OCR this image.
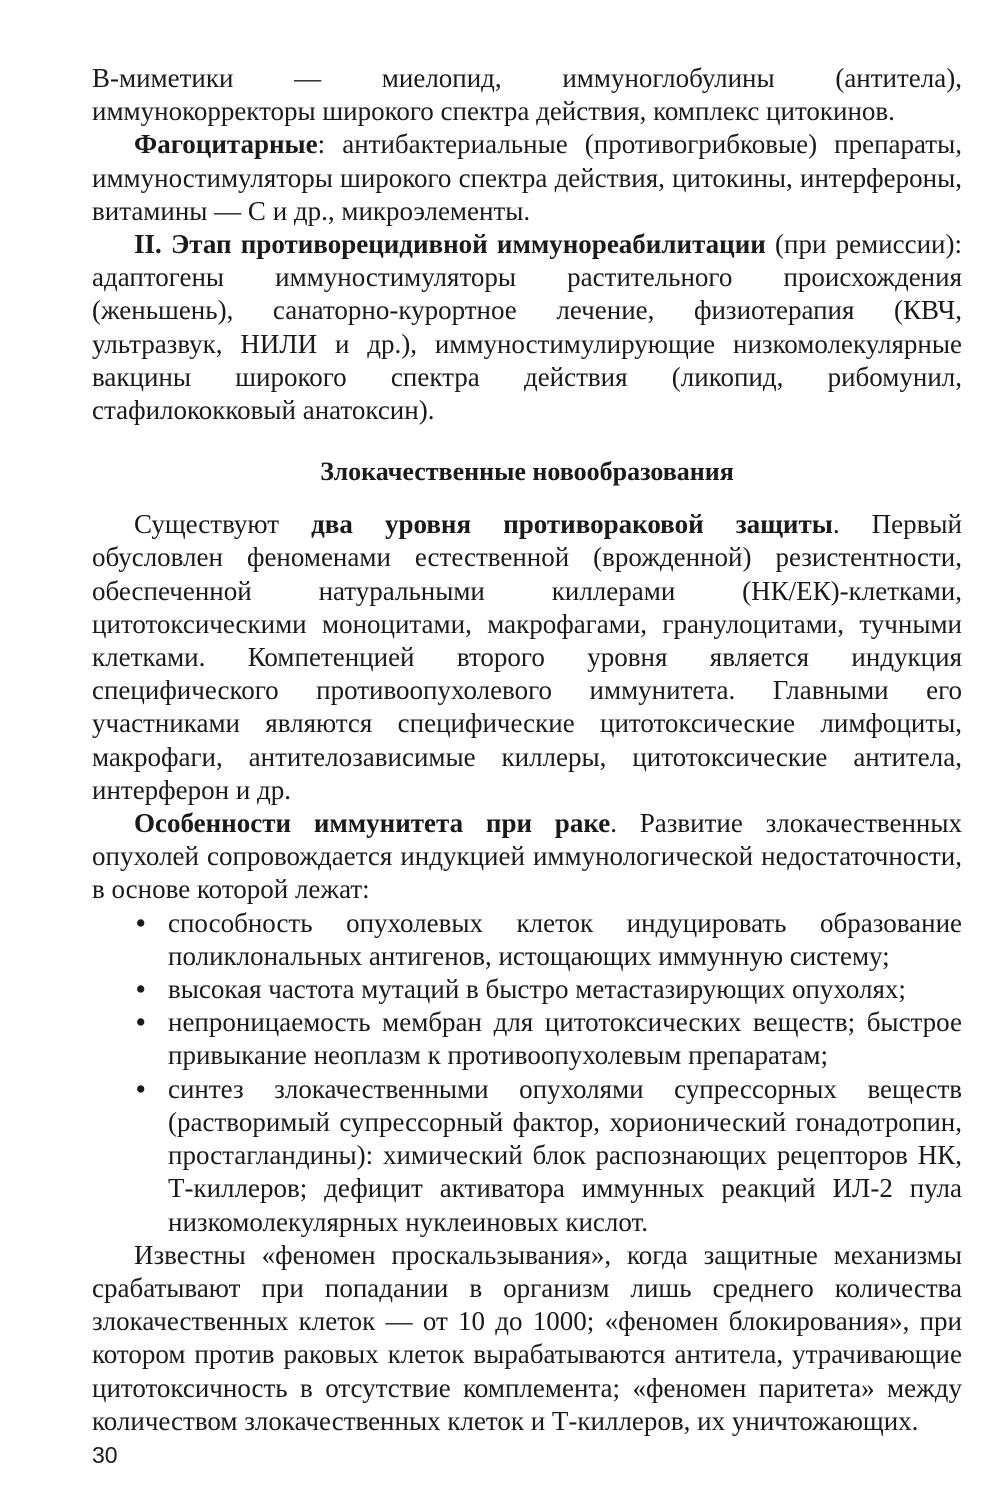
В-миметики — миелопид, иммуноглобулины (антитела), иммунокорректоры широкого спектра действия, комплекс цитокинов.

Фагоцитарные: антибактериальные (противогрибковые) препараты, иммуностимуляторы широкого спектра действия, цитокины, интерфероны, витамины — С и др., микроэлементы.

II. Этап противорецидивной иммунореабилитации (при ремиссии): адаптогены иммуностимуляторы растительного происхождения (женьшень), санаторно-курортное лечение, физиотерапия (КВЧ, ультразвук, НИЛИ и др.), иммуностимулирующие низкомолекулярные вакцины широкого спектра действия (ликопид, рибомунил, стафилококковый анатоксин).

Злокачественные новообразования

Существуют два уровня противораковой защиты. Первый обусловлен феноменами естественной (врожденной) резистентности, обеспеченной натуральными киллерами (НК/ЕК)-клетками, цитотоксическими моноцитами, макрофагами, гранулоцитами, тучными клетками. Компетенцией второго уровня является индукция специфического противоопухолевого иммунитета. Главными его участниками являются специфические цитотоксические лимфоциты, макрофаги, антителозависимые киллеры, цитотоксические антитела, интерферон и др.

Особенности иммунитета при раке. Развитие злокачественных опухолей сопровождается индукцией иммунологической недостаточности, в основе которой лежат:

• способность опухолевых клеток индуцировать образование поликлональных антигенов, истощающих иммунную систему;
• высокая частота мутаций в быстро метастазирующих опухолях;
• непроницаемость мембран для цитотоксических веществ; быстрое привыкание неоплазм к противоопухолевым препаратам;
• синтез злокачественными опухолями супрессорных веществ (растворимый супрессорный фактор, хорионический гонадотропин, простагландины): химический блок распознающих рецепторов НК, Т-киллеров; дефицит активатора иммунных реакций ИЛ-2 пула низкомолекулярных нуклеиновых кислот.

Известны «феномен проскальзывания», когда защитные механизмы срабатывают при попадании в организм лишь среднего количества злокачественных клеток — от 10 до 1000; «феномен блокирования», при котором против раковых клеток вырабатываются антитела, утрачивающие цитотоксичность в отсутствие комплемента; «феномен паритета» между количеством злокачественных клеток и Т-киллеров, их уничтожающих.

30
